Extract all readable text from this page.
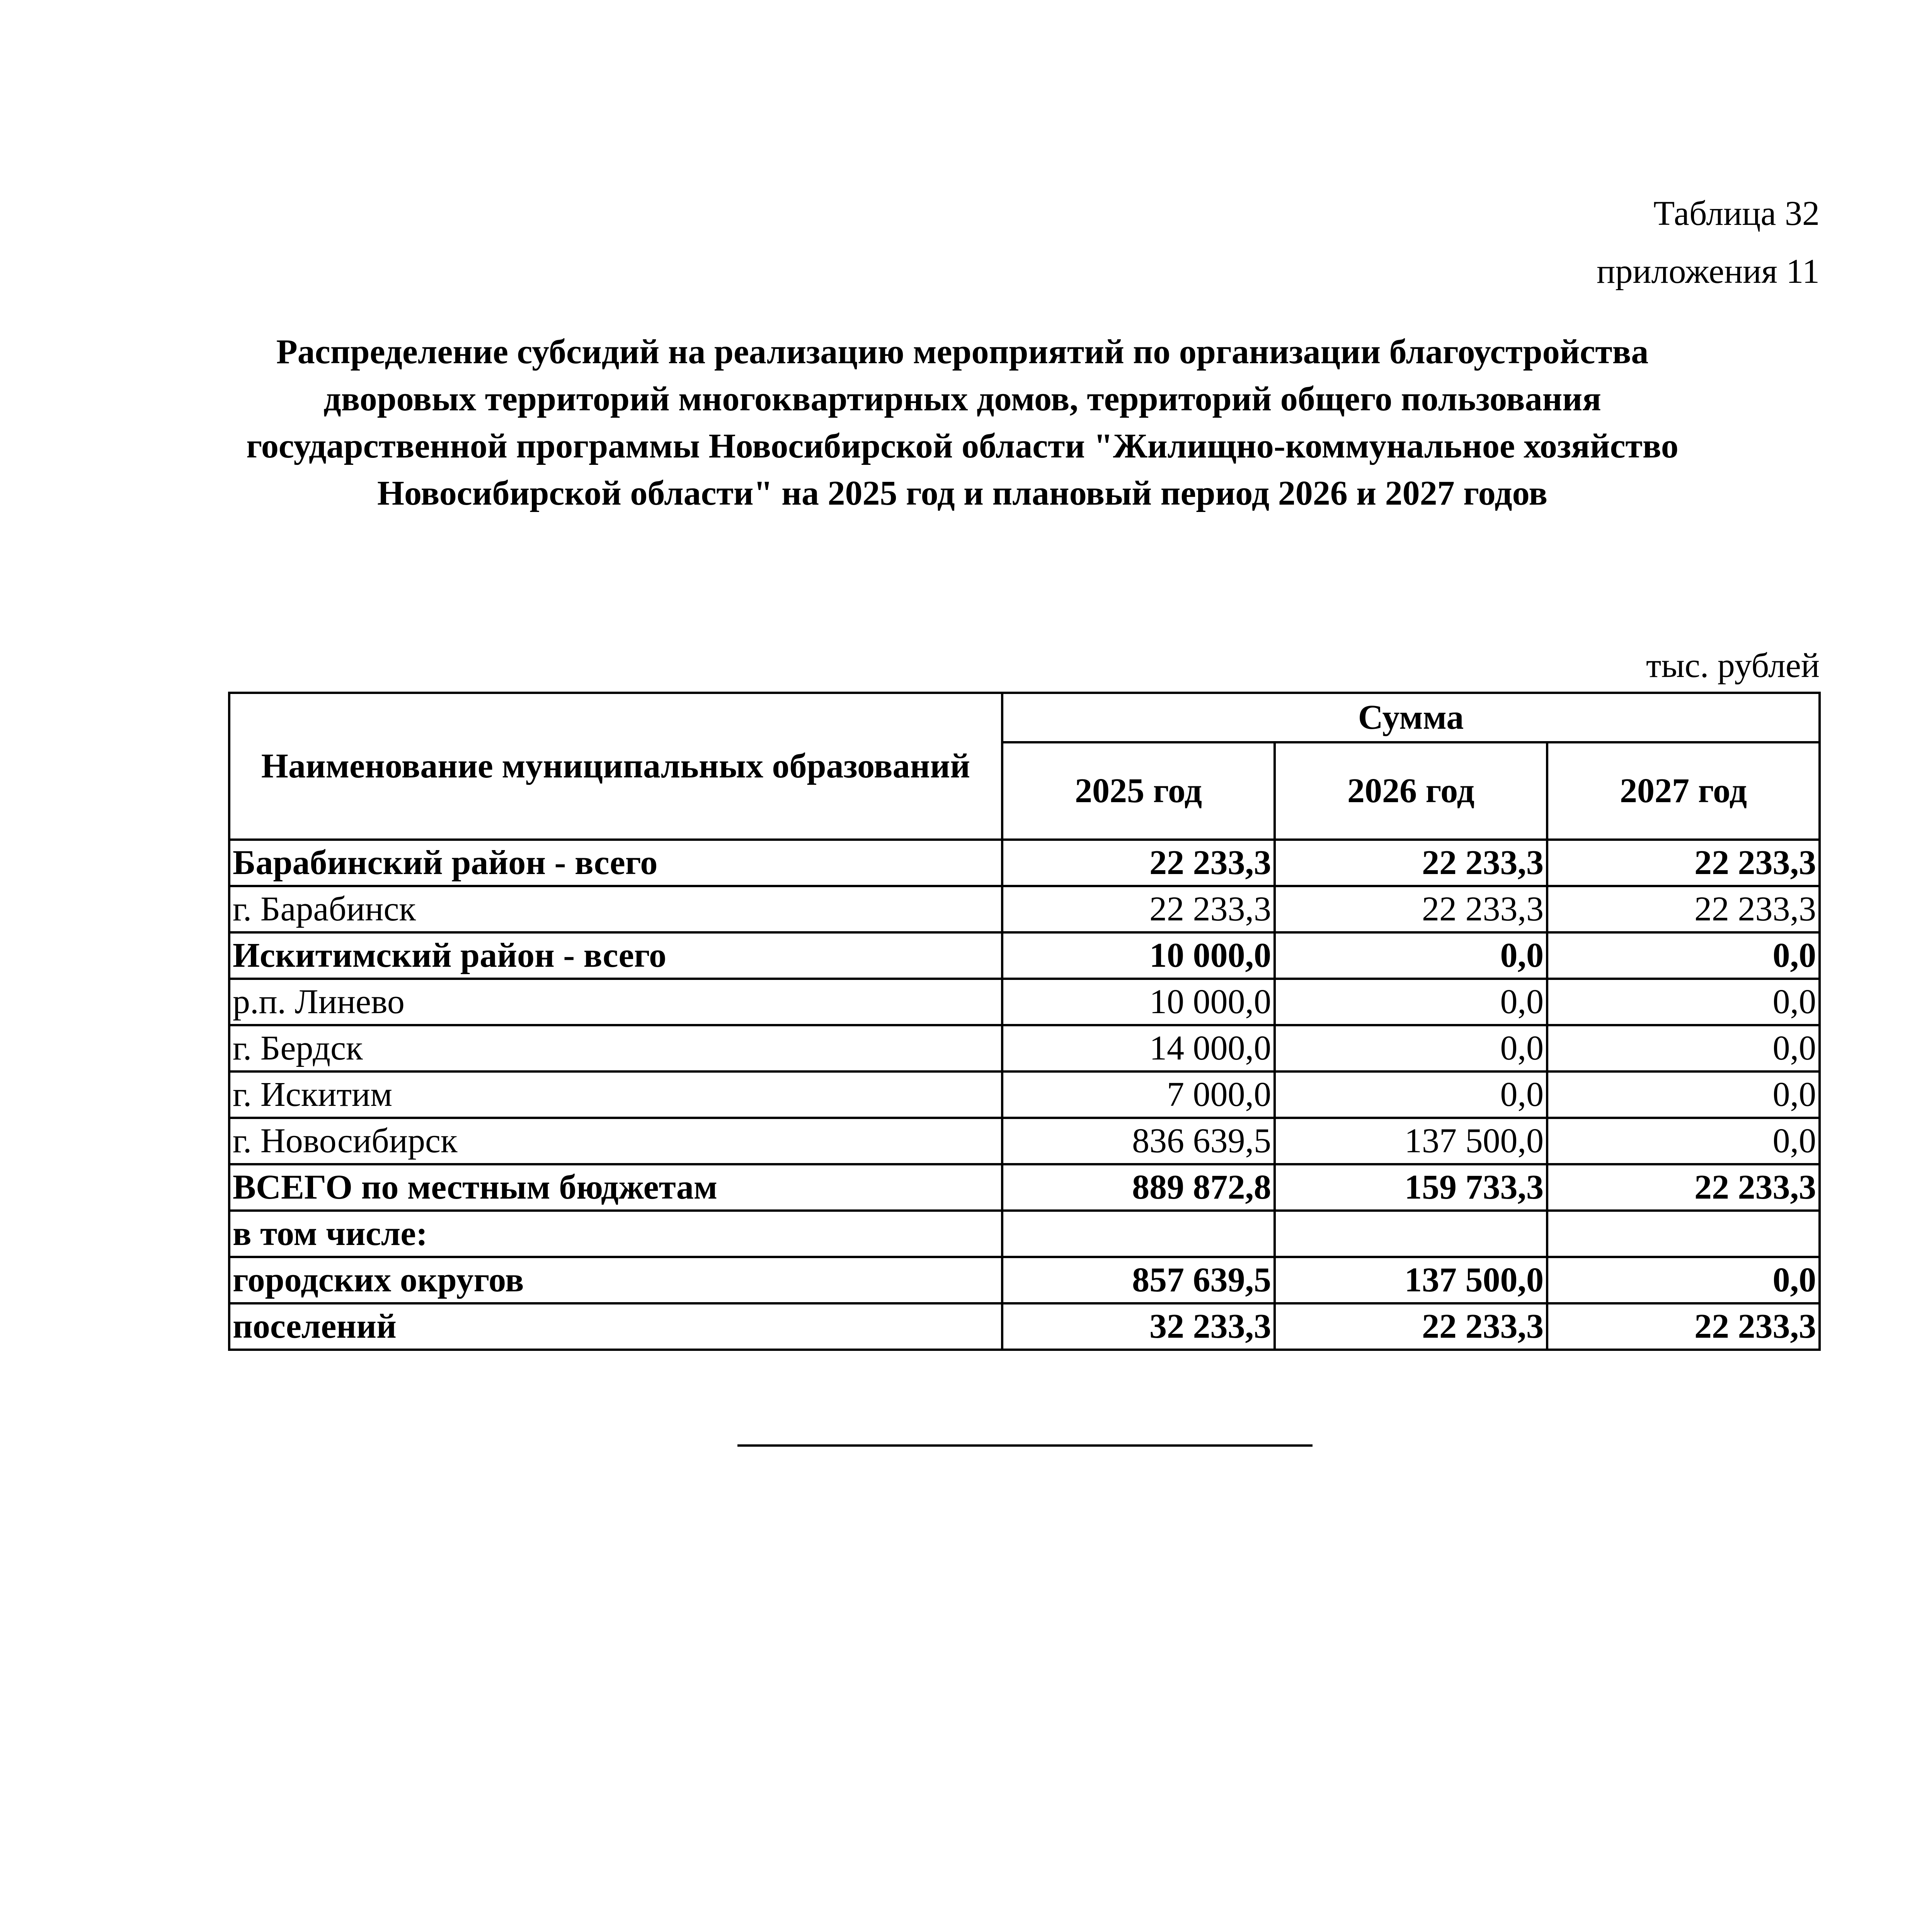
Таблица 32
приложения 11
Распределение субсидий на реализацию мероприятий по организации благоустройства
дворовых территорий многоквартирных домов, территорий общего пользования
государственной программы Новосибирской области "Жилищно-коммунальное хозяйство
Новосибирской области" на 2025 год и плановый период 2026 и 2027 годов
тыс. рублей
Наименование муниципальных образований	Сумма		
	2025 год	2026 год	2027 год
Барабинский район - всего	22 233,3	22 233,3	22 233,3
г. Барабинск	22 233,3	22 233,3	22 233,3
Искитимский район - всего	10 000,0	0,0	0,0
р.п. Линево	10 000,0	0,0	0,0
г. Бердск	14 000,0	0,0	0,0
г. Искитим	7 000,0	0,0	0,0
г. Новосибирск	836 639,5	137 500,0	0,0
ВСЕГО по местным бюджетам	889 872,8	159 733,3	22 233,3
в том числе:			
городских округов	857 639,5	137 500,0	0,0
поселений	32 233,3	22 233,3	22 233,3
